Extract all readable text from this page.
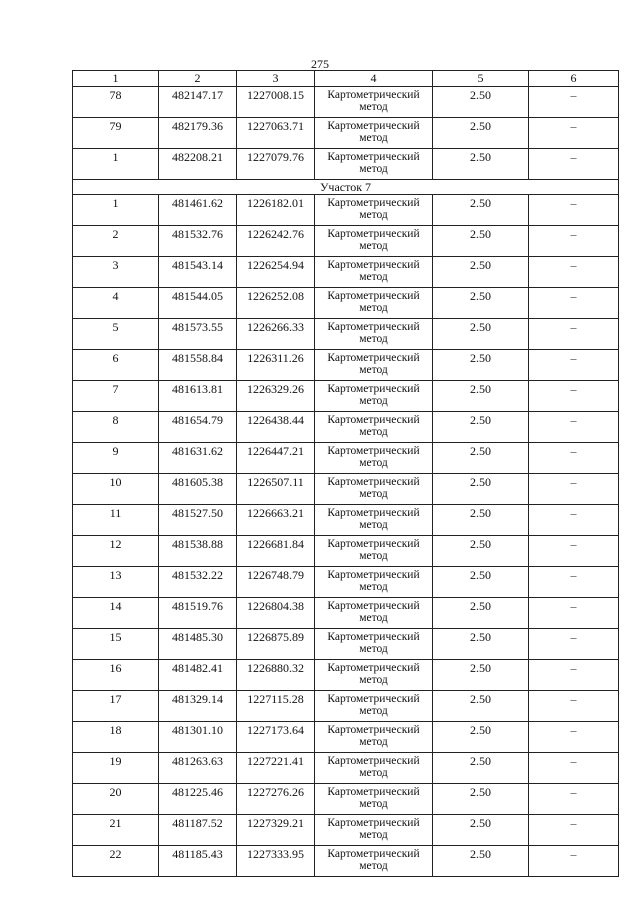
275
1	2	3	4	5	6
78	482147.17	1227008.15	Картометрический
метод	2.50	–
79	482179.36	1227063.71	Картометрический
метод	2.50	–
1	482208.21	1227079.76	Картометрический
метод	2.50	–
Участок 7					
1	481461.62	1226182.01	Картометрический
метод	2.50	–
2	481532.76	1226242.76	Картометрический
метод	2.50	–
3	481543.14	1226254.94	Картометрический
метод	2.50	–
4	481544.05	1226252.08	Картометрический
метод	2.50	–
5	481573.55	1226266.33	Картометрический
метод	2.50	–
6	481558.84	1226311.26	Картометрический
метод	2.50	–
7	481613.81	1226329.26	Картометрический
метод	2.50	–
8	481654.79	1226438.44	Картометрический
метод	2.50	–
9	481631.62	1226447.21	Картометрический
метод	2.50	–
10	481605.38	1226507.11	Картометрический
метод	2.50	–
11	481527.50	1226663.21	Картометрический
метод	2.50	–
12	481538.88	1226681.84	Картометрический
метод	2.50	–
13	481532.22	1226748.79	Картометрический
метод	2.50	–
14	481519.76	1226804.38	Картометрический
метод	2.50	–
15	481485.30	1226875.89	Картометрический
метод	2.50	–
16	481482.41	1226880.32	Картометрический
метод	2.50	–
17	481329.14	1227115.28	Картометрический
метод	2.50	–
18	481301.10	1227173.64	Картометрический
метод	2.50	–
19	481263.63	1227221.41	Картометрический
метод	2.50	–
20	481225.46	1227276.26	Картометрический
метод	2.50	–
21	481187.52	1227329.21	Картометрический
метод	2.50	–
22	481185.43	1227333.95	Картометрический
метод	2.50	–
